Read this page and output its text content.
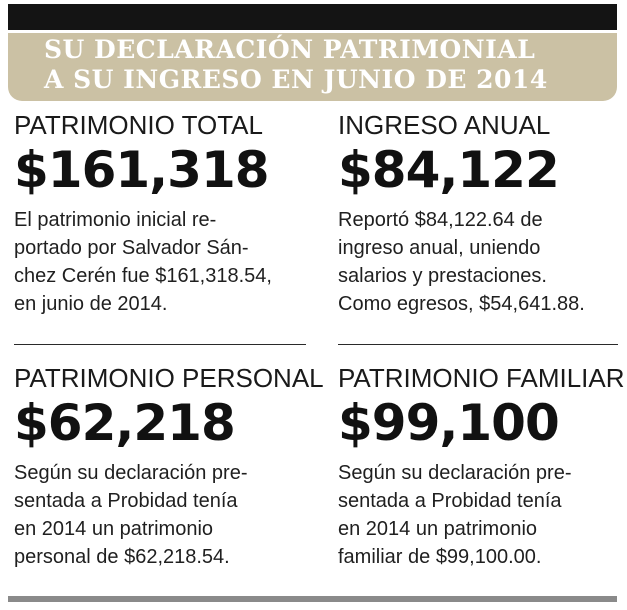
SU DECLARACIÓN PATRIMONIAL
A SU INGRESO EN JUNIO DE 2014
PATRIMONIO TOTAL
$161,318
El patrimonio inicial re-
portado por Salvador Sán-
chez Cerén fue $161,318.54,
en junio de 2014.
INGRESO ANUAL
$84,122
Reportó $84,122.64 de
ingreso anual, uniendo
salarios y prestaciones.
Como egresos, $54,641.88.
PATRIMONIO PERSONAL
$62,218
Según su declaración pre-
sentada a Probidad tenía
en 2014 un patrimonio
personal de $62,218.54.
PATRIMONIO FAMILIAR
$99,100
Según su declaración pre-
sentada a Probidad tenía
en 2014 un patrimonio
familiar de $99,100.00.
